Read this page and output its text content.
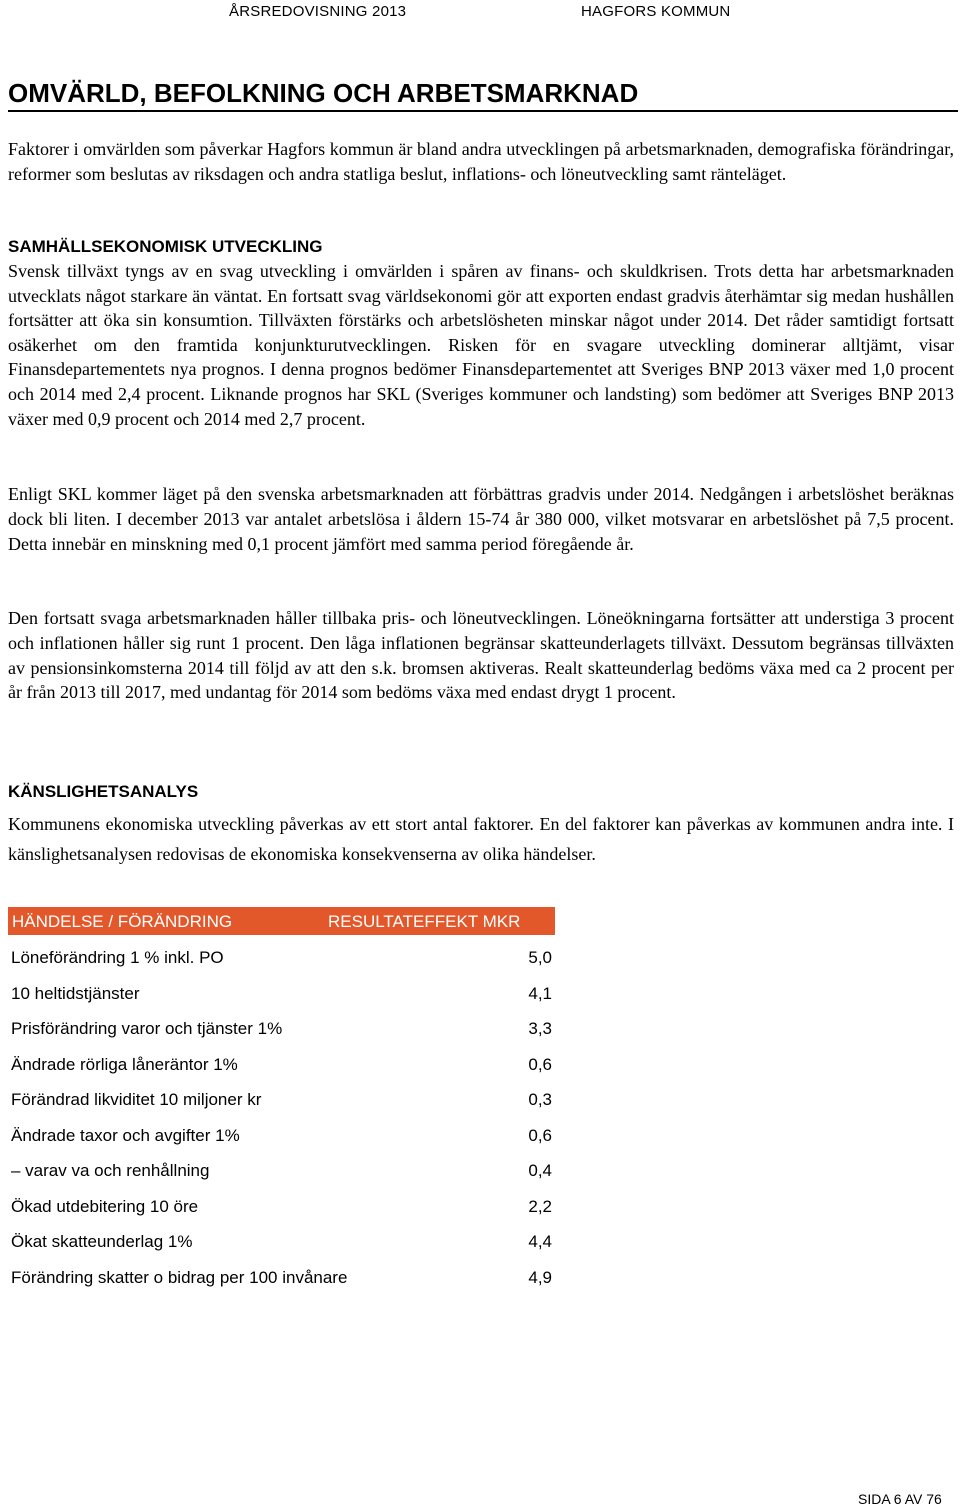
ÅRSREDOVISNING 2013	HAGFORS KOMMUN
OMVÄRLD, BEFOLKNING OCH ARBETSMARKNAD

Faktorer i omvärlden som påverkar Hagfors kommun är bland andra utvecklingen på arbetsmarknaden, demografiska förändringar, reformer som beslutas av riksdagen och andra statliga beslut, inflations- och löneutveckling samt ränteläget.

SAMHÄLLSEKONOMISK UTVECKLING

Svensk tillväxt tyngs av en svag utveckling i omvärlden i spåren av finans- och skuldkrisen. Trots detta har arbetsmarknaden utvecklats något starkare än väntat. En fortsatt svag världsekonomi gör att exporten endast gradvis återhämtar sig medan hushållen fortsätter att öka sin konsumtion. Tillväxten förstärks och arbetslösheten minskar något under 2014. Det råder samtidigt fortsatt osäkerhet om den framtida konjunkturutvecklingen. Risken för en svagare utveckling dominerar alltjämt, visar Finansdepartementets nya prognos. I denna prognos bedömer Finansdepartementet att Sveriges BNP 2013 växer med 1,0 procent och 2014 med 2,4 procent. Liknande prognos har SKL (Sveriges kommuner och landsting) som bedömer att Sveriges BNP 2013 växer med 0,9 procent och 2014 med 2,7 procent.

Enligt SKL kommer läget på den svenska arbetsmarknaden att förbättras gradvis under 2014. Nedgången i arbetslöshet beräknas dock bli liten. I december 2013 var antalet arbetslösa i åldern 15-74 år 380 000, vilket motsvarar en arbetslöshet på 7,5 procent. Detta innebär en minskning med 0,1 procent jämfört med samma period föregående år.

Den fortsatt svaga arbetsmarknaden håller tillbaka pris- och löneutvecklingen. Löneökningarna fortsätter att understiga 3 procent och inflationen håller sig runt 1 procent. Den låga inflationen begränsar skatteunderlagets tillväxt. Dessutom begränsas tillväxten av pensionsinkomsterna 2014 till följd av att den s.k. bromsen aktiveras. Realt skatteunderlag bedöms växa med ca 2 procent per år från 2013 till 2017, med undantag för 2014 som bedöms växa med endast drygt 1 procent.

KÄNSLIGHETSANALYS

Kommunens ekonomiska utveckling påverkas av ett stort antal faktorer. En del faktorer kan påverkas av kommunen andra inte. I känslighetsanalysen redovisas de ekonomiska konsekvenserna av olika händelser.

HÄNDELSE / FÖRÄNDRING	RESULTATEFFEKT MKR
Löneförändring 1 % inkl. PO	5,0
10 heltidstjänster	4,1
Prisförändring varor och tjänster 1%	3,3
Ändrade rörliga låneräntor 1%	0,6
Förändrad likviditet 10 miljoner kr	0,3
Ändrade taxor och avgifter 1%	0,6
– varav va och renhållning	0,4
Ökad utdebitering 10 öre	2,2
Ökat skatteunderlag 1%	4,4
Förändring skatter o bidrag per 100 invånare	4,9
SIDA 6 AV 76
